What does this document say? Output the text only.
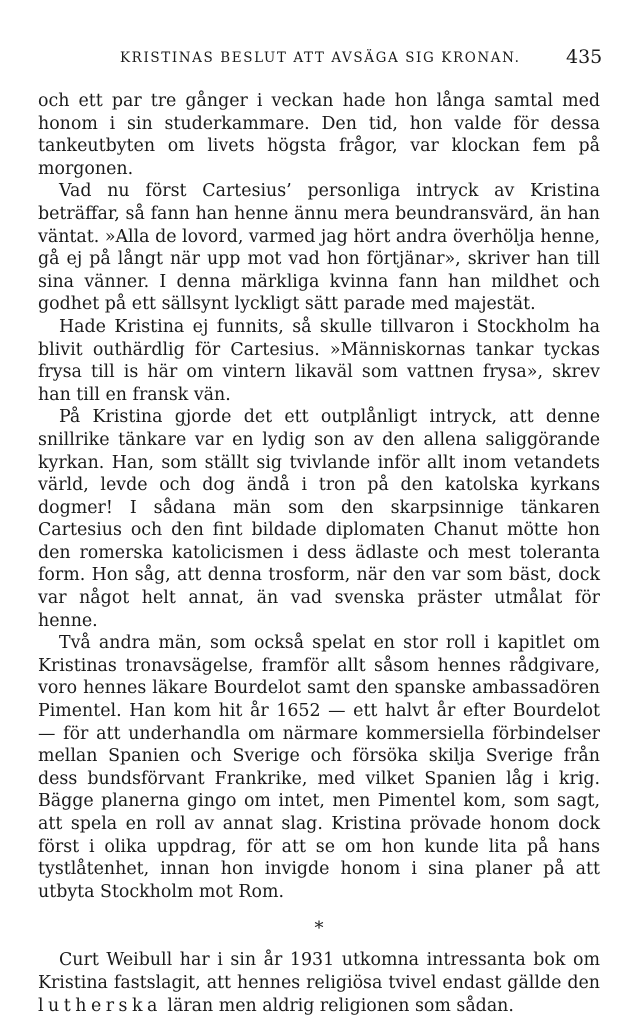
KRISTINAS BESLUT ATT AVSÄGA SIG KRONAN. 435

och ett par tre gånger i veckan hade hon långa samtal med honom i sin studerkammare. Den tid, hon valde för dessa tankeutbyten om livets högsta frågor, var klockan fem på morgonen.

Vad nu först Cartesius’ personliga intryck av Kristina beträffar, så fann han henne ännu mera beundransvärd, än han väntat. »Alla de lovord, varmed jag hört andra överhölja henne, gå ej på långt när upp mot vad hon förtjänar», skriver han till sina vänner. I denna märkliga kvinna fann han mildhet och godhet på ett sällsynt lyckligt sätt parade med majestät.

Hade Kristina ej funnits, så skulle tillvaron i Stockholm ha blivit outhärdlig för Cartesius. »Människornas tankar tyckas frysa till is här om vintern likaväl som vattnen frysa», skrev han till en fransk vän.

På Kristina gjorde det ett outplånligt intryck, att denne snillrike tänkare var en lydig son av den allena saliggörande kyrkan. Han, som ställt sig tvivlande inför allt inom vetandets värld, levde och dog ändå i tron på den katolska kyrkans dogmer! I sådana män som den skarpsinnige tänkaren Cartesius och den fint bildade diplomaten Chanut mötte hon den romerska katolicismen i dess ädlaste och mest toleranta form. Hon såg, att denna trosform, när den var som bäst, dock var något helt annat, än vad svenska präster utmålat för henne.

Två andra män, som också spelat en stor roll i kapitlet om Kristinas tronavsägelse, framför allt såsom hennes rådgivare, voro hennes läkare Bourdelot samt den spanske ambassadören Pimentel. Han kom hit år 1652 — ett halvt år efter Bourdelot — för att underhandla om närmare kommersiella förbindelser mellan Spanien och Sverige och försöka skilja Sverige från dess bundsförvant Frankrike, med vilket Spanien låg i krig. Bägge planerna gingo om intet, men Pimentel kom, som sagt, att spela en roll av annat slag. Kristina prövade honom dock först i olika uppdrag, för att se om hon kunde lita på hans tystlåtenhet, innan hon invigde honom i sina planer på att utbyta Stockholm mot Rom.

*

Curt Weibull har i sin år 1931 utkomna intressanta bok om Kristina fastslagit, att hennes religiösa tvivel endast gällde den lutherska läran men aldrig religionen som sådan.
